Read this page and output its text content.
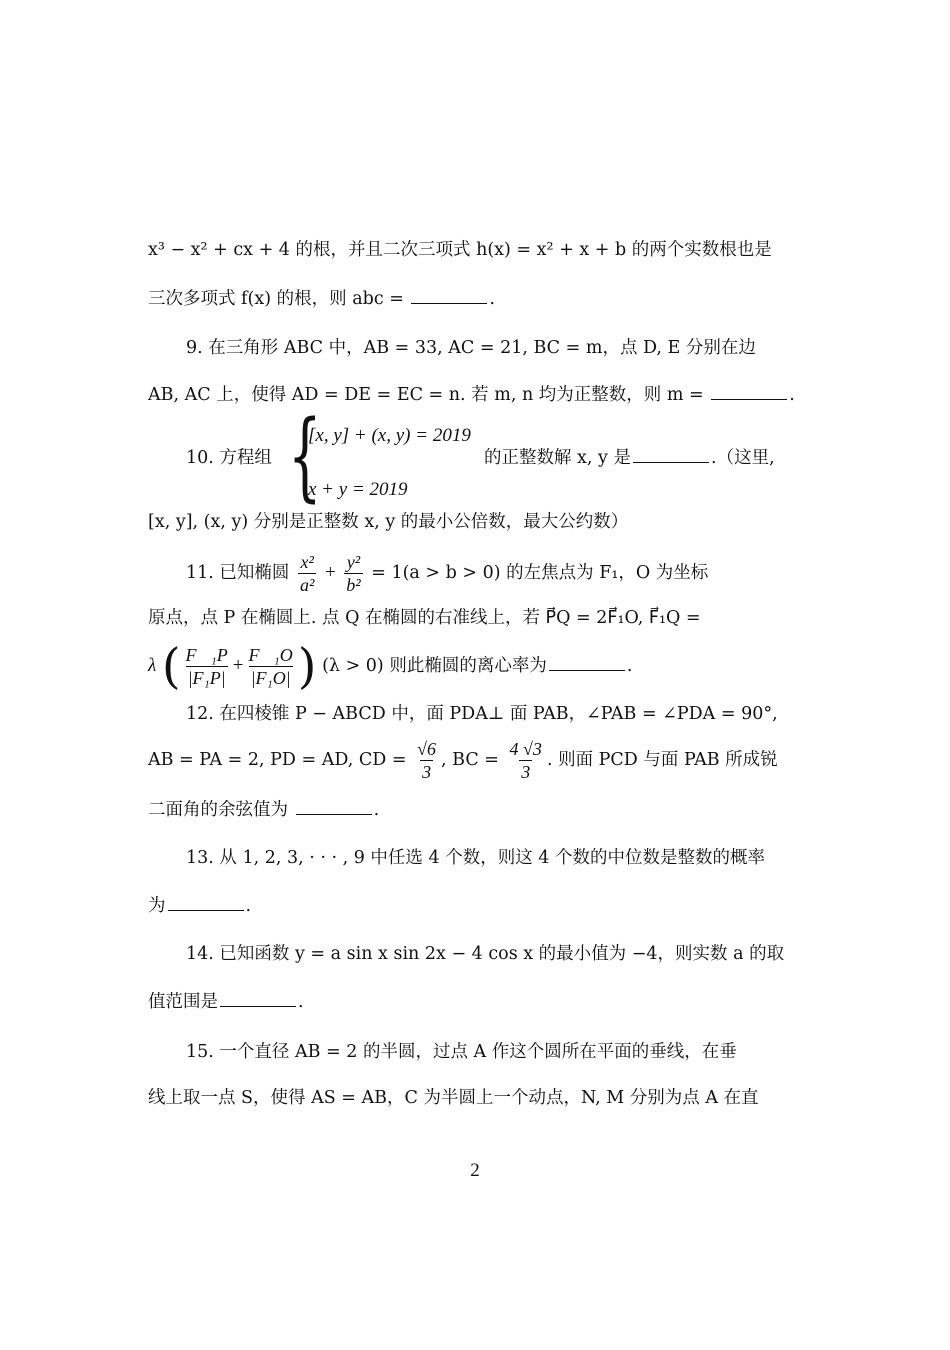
x³ − x² + cx + 4 的根，并且二次三项式 h(x) = x² + x + b 的两个实数根也是
三次多项式 f(x) 的根，则 abc =	.
9. 在三角形 ABC 中，AB = 33, AC = 21, BC = m，点 D, E 分别在边
AB, AC 上，使得 AD = DE = EC = n. 若 m, n 均为正整数，则 m =	.
10. 方程组 {
[x, y] + (x, y) = 2019
x + y = 2019
的正整数解 x, y 是	.（这里,
[x, y], (x, y) 分别是正整数 x, y 的最小公倍数，最大公约数）
11. 已知椭圆 $\frac{\text{x²}}{\text{a²}} + \frac{\text{y²}}{\text{b²}} = 1(a > b > 0)$ 的左焦点为 F₁，O 为坐标
原点，点 P 在椭圆上. 点 Q 在椭圆的右准线上，若 P⃗Q = 2F⃗₁O, F⃗₁Q =
λ ( $\frac{\text{F⃗₁P}}{\text{|F₁P|}} + \frac{\text{F⃗₁O}}{\text{|F₁O|}}$ ) (λ > 0) 则此椭圆的离心率为	.
12. 在四棱锥 P − ABCD 中，面 PDA⊥ 面 PAB，∠PAB = ∠PDA = 90°,
AB = PA = 2, PD = AD, CD = $\frac{√6}{3}$ , BC = $\frac{4 √3}{3}$ . 则面 PCD 与面 PAB 所成锐
二面角的余弦值为	.
13. 从 1, 2, 3, · · · , 9 中任选 4 个数，则这 4 个数的中位数是整数的概率
为	.
14. 已知函数 y = a sin x sin 2x − 4 cos x 的最小值为 −4，则实数 a 的取
值范围是	.
15. 一个直径 AB = 2 的半圆，过点 A 作这个圆所在平面的垂线，在垂
线上取一点 S，使得 AS = AB，C 为半圆上一个动点，N, M 分别为点 A 在直
2
